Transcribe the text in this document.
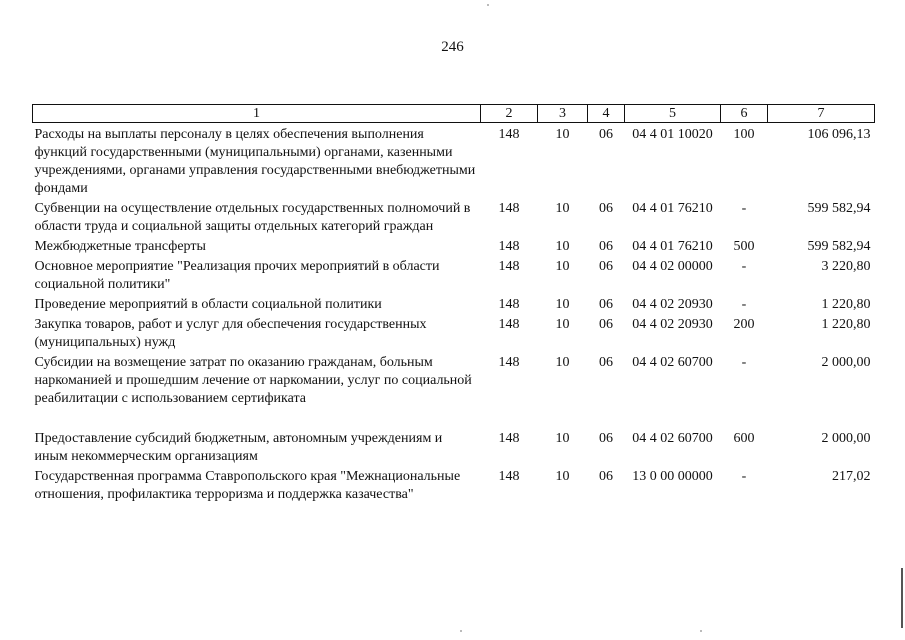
246
1	2	3	4	5	6	7
Расходы на выплаты персоналу в целях обеспечения выполнения функций государственными (муниципальными) органами, казенными учреждениями, органами управления государственными внебюджетными фондами	148	10	06	04 4 01 10020	100	106 096,13
Субвенции на осуществление отдельных государственных полномочий в области труда и социальной защиты отдельных категорий граждан	148	10	06	04 4 01 76210	-	599 582,94
Межбюджетные трансферты	148	10	06	04 4 01 76210	500	599 582,94
Основное мероприятие "Реализация прочих мероприятий в области социальной политики"	148	10	06	04 4 02 00000	-	3 220,80
Проведение мероприятий в области социальной политики	148	10	06	04 4 02 20930	-	1 220,80
Закупка товаров, работ и услуг для обеспечения государственных (муниципальных) нужд	148	10	06	04 4 02 20930	200	1 220,80
Субсидии на возмещение затрат по оказанию гражданам, больным наркоманией и прошедшим лечение от наркомании, услуг по социальной реабилитации с использованием сертификата	148	10	06	04 4 02 60700	-	2 000,00
Предоставление субсидий бюджетным, автономным учреждениям и иным некоммерческим организациям	148	10	06	04 4 02 60700	600	2 000,00
Государственная программа Ставропольского края "Межнациональные отношения, профилактика терроризма и поддержка казачества"	148	10	06	13 0 00 00000	-	217,02
